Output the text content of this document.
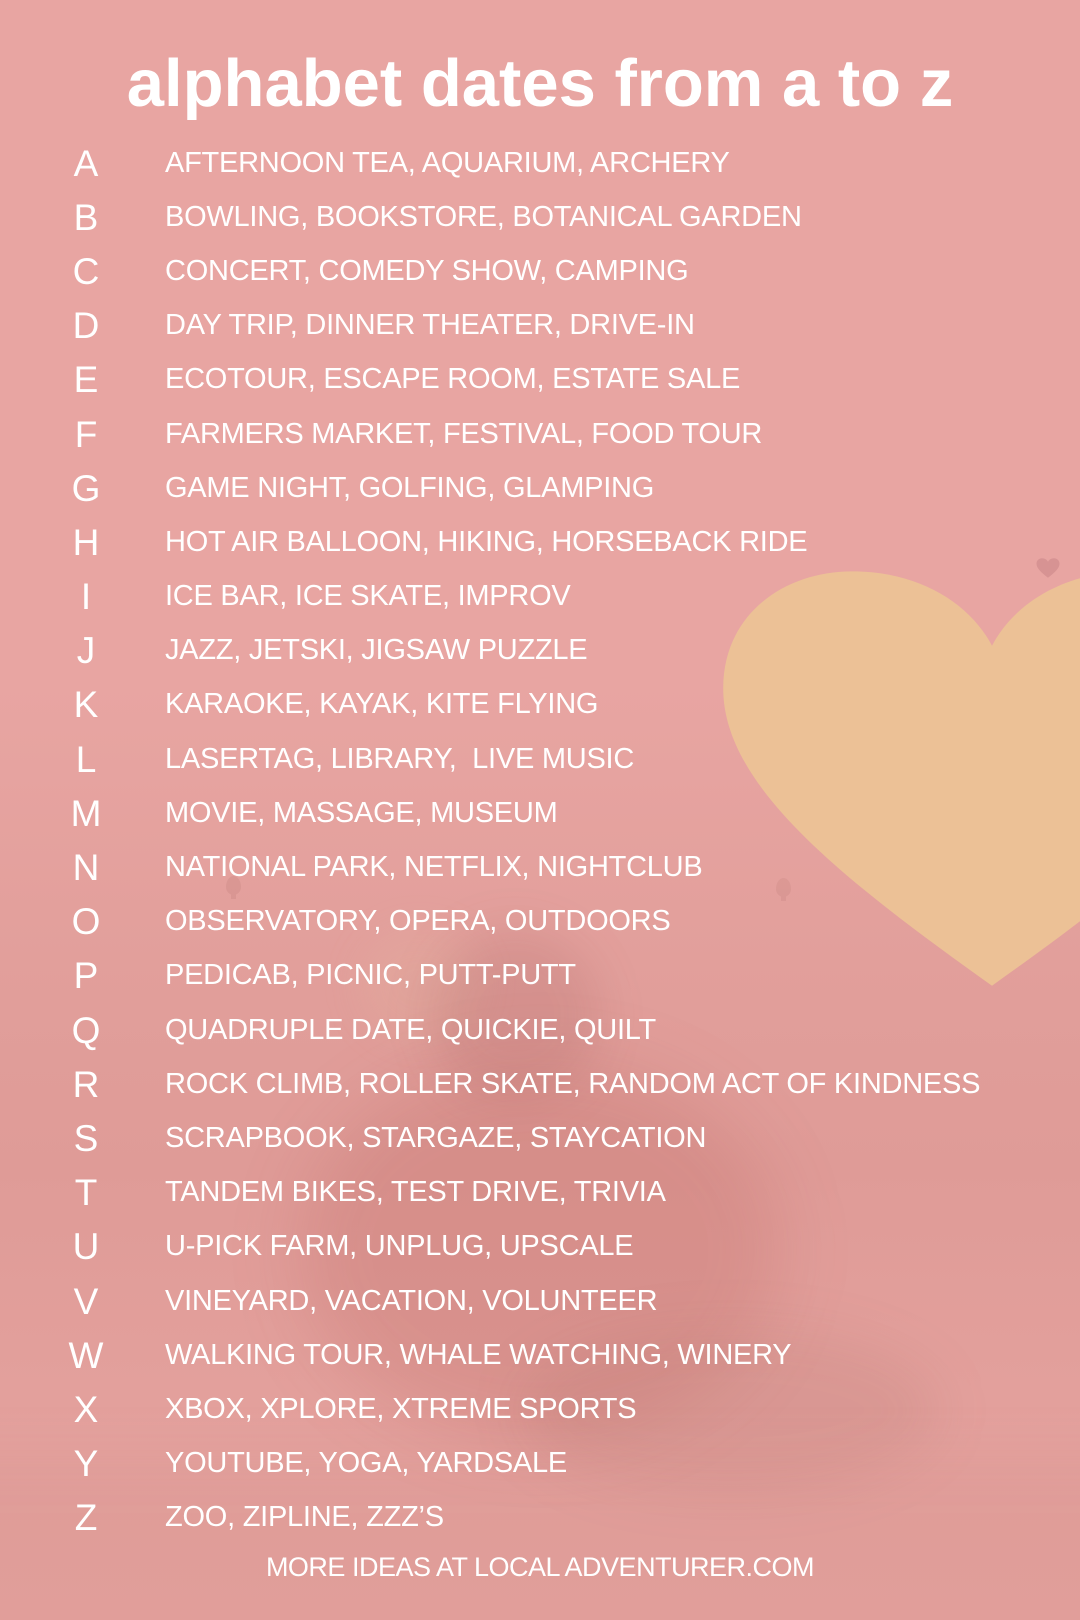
alphabet dates from a to z
A	AFTERNOON TEA, AQUARIUM, ARCHERY
B	BOWLING, BOOKSTORE, BOTANICAL GARDEN
C	CONCERT, COMEDY SHOW, CAMPING
D	DAY TRIP, DINNER THEATER, DRIVE-IN
E	ECOTOUR, ESCAPE ROOM, ESTATE SALE
F	FARMERS MARKET, FESTIVAL, FOOD TOUR
G	GAME NIGHT, GOLFING, GLAMPING
H	HOT AIR BALLOON, HIKING, HORSEBACK RIDE
I	ICE BAR, ICE SKATE, IMPROV
J	JAZZ, JETSKI, JIGSAW PUZZLE
K	KARAOKE, KAYAK, KITE FLYING
L	LASERTAG, LIBRARY,  LIVE MUSIC
M	MOVIE, MASSAGE, MUSEUM
N	NATIONAL PARK, NETFLIX, NIGHTCLUB
O	OBSERVATORY, OPERA, OUTDOORS
P	PEDICAB, PICNIC, PUTT-PUTT
Q	QUADRUPLE DATE, QUICKIE, QUILT
R	ROCK CLIMB, ROLLER SKATE, RANDOM ACT OF KINDNESS
S	SCRAPBOOK, STARGAZE, STAYCATION
T	TANDEM BIKES, TEST DRIVE, TRIVIA
U	U-PICK FARM, UNPLUG, UPSCALE
V	VINEYARD, VACATION, VOLUNTEER
W	WALKING TOUR, WHALE WATCHING, WINERY
X	XBOX, XPLORE, XTREME SPORTS
Y	YOUTUBE, YOGA, YARDSALE
Z	ZOO, ZIPLINE, ZZZ’S
MORE IDEAS AT LOCAL ADVENTURER.COM
